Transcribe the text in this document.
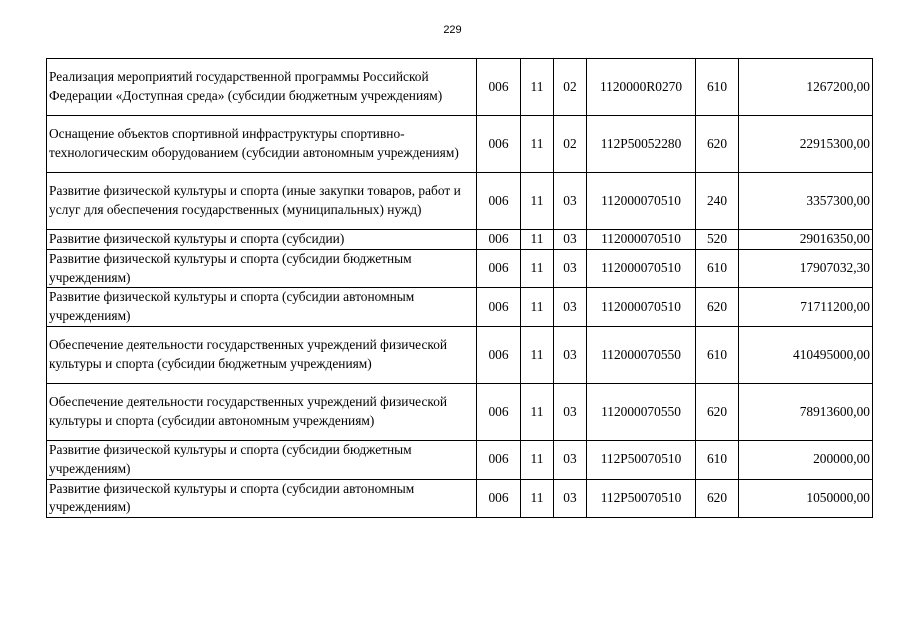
229
Реализация мероприятий государственной программы Российской Федерации «Доступная среда» (субсидии бюджетным учреждениям)	006	11	02	1120000R0270	610	1267200,00
Оснащение объектов спортивной инфраструктуры спортивно-технологическим оборудованием (субсидии автономным учреждениям)	006	11	02	112P50052280	620	22915300,00
Развитие физической культуры и спорта (иные закупки товаров, работ и услуг для обеспечения государственных (муниципальных) нужд)	006	11	03	112000070510	240	3357300,00
Развитие физической культуры и спорта (субсидии)	006	11	03	112000070510	520	29016350,00
Развитие физической культуры и спорта (субсидии бюджетным учреждениям)	006	11	03	112000070510	610	17907032,30
Развитие физической культуры и спорта (субсидии автономным учреждениям)	006	11	03	112000070510	620	71711200,00
Обеспечение деятельности государственных учреждений физической культуры и спорта (субсидии бюджетным учреждениям)	006	11	03	112000070550	610	410495000,00
Обеспечение деятельности государственных учреждений физической культуры и спорта (субсидии автономным учреждениям)	006	11	03	112000070550	620	78913600,00
Развитие физической культуры и спорта (субсидии бюджетным учреждениям)	006	11	03	112P50070510	610	200000,00
Развитие физической культуры и спорта (субсидии автономным учреждениям)	006	11	03	112P50070510	620	1050000,00
